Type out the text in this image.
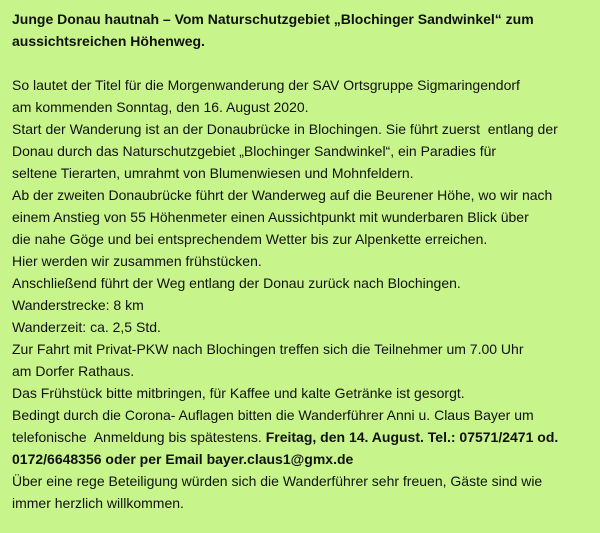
Junge Donau hautnah – Vom Naturschutzgebiet „Blochinger Sandwinkel“ zum
aussichtsreichen Höhenweg.
So lautet der Titel für die Morgenwanderung der SAV Ortsgruppe Sigmaringendorf
am kommenden Sonntag, den 16. August 2020.
Start der Wanderung ist an der Donaubrücke in Blochingen. Sie führt zuerst  entlang der
Donau durch das Naturschutzgebiet „Blochinger Sandwinkel“, ein Paradies für
seltene Tierarten, umrahmt von Blumenwiesen und Mohnfeldern.
Ab der zweiten Donaubrücke führt der Wanderweg auf die Beurener Höhe, wo wir nach
einem Anstieg von 55 Höhenmeter einen Aussichtpunkt mit wunderbaren Blick über
die nahe Göge und bei entsprechendem Wetter bis zur Alpenkette erreichen.
Hier werden wir zusammen frühstücken.
Anschließend führt der Weg entlang der Donau zurück nach Blochingen.
Wanderstrecke: 8 km
Wanderzeit: ca. 2,5 Std.
Zur Fahrt mit Privat-PKW nach Blochingen treffen sich die Teilnehmer um 7.00 Uhr
am Dorfer Rathaus.
Das Frühstück bitte mitbringen, für Kaffee und kalte Getränke ist gesorgt.
Bedingt durch die Corona- Auflagen bitten die Wanderführer Anni u. Claus Bayer um
telefonische  Anmeldung bis spätestens. Freitag, den 14. August. Tel.: 07571/2471 od.
0172/6648356 oder per Email bayer.claus1@gmx.de
Über eine rege Beteiligung würden sich die Wanderführer sehr freuen, Gäste sind wie
immer herzlich willkommen.
